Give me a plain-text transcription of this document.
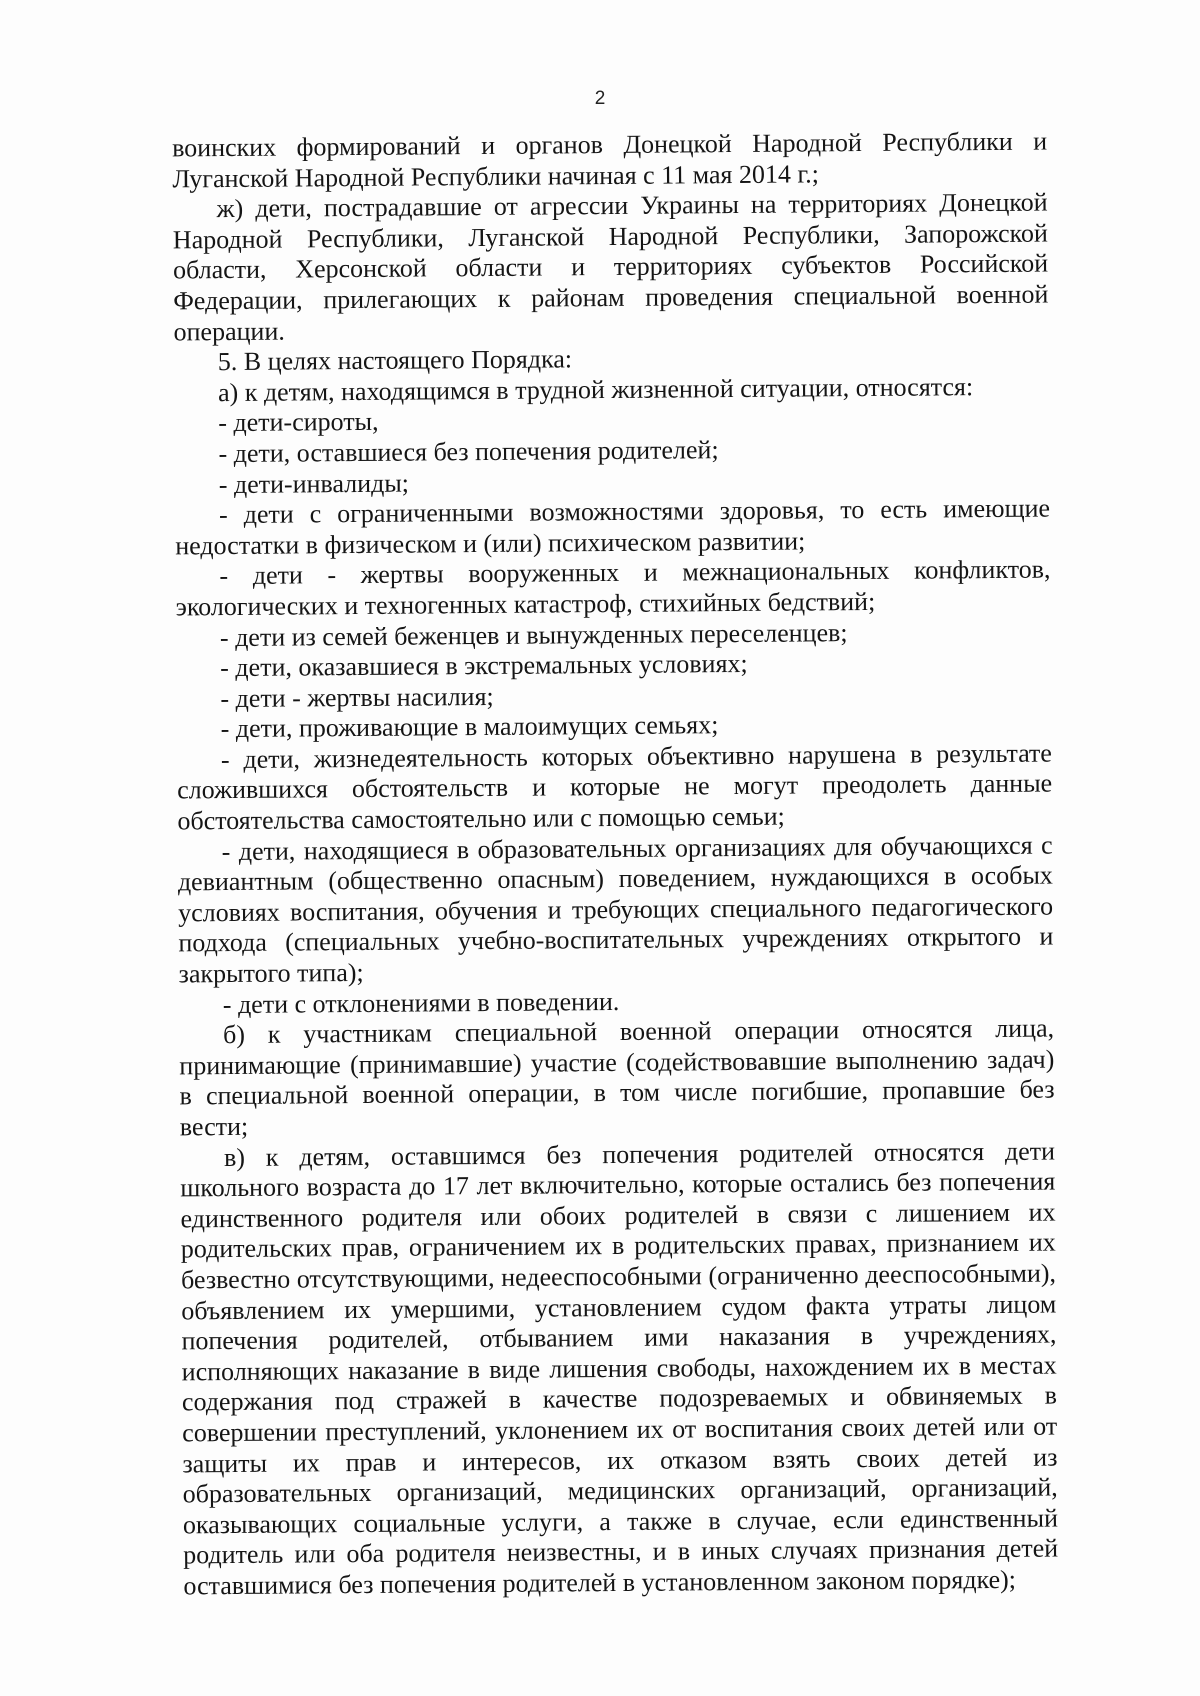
2

воинских формирований и органов Донецкой Народной Республики и Луганской Народной Республики начиная с 11 мая 2014 г.;

ж) дети, пострадавшие от агрессии Украины на территориях Донецкой Народной Республики, Луганской Народной Республики, Запорожской области, Херсонской области и территориях субъектов Российской Федерации, прилегающих к районам проведения специальной военной операции.

5. В целях настоящего Порядка:

а) к детям, находящимся в трудной жизненной ситуации, относятся:

- дети-сироты,

- дети, оставшиеся без попечения родителей;

- дети-инвалиды;

- дети с ограниченными возможностями здоровья, то есть имеющие недостатки в физическом и (или) психическом развитии;

- дети - жертвы вооруженных и межнациональных конфликтов, экологических и техногенных катастроф, стихийных бедствий;

- дети из семей беженцев и вынужденных переселенцев;

- дети, оказавшиеся в экстремальных условиях;

- дети - жертвы насилия;

- дети, проживающие в малоимущих семьях;

- дети, жизнедеятельность которых объективно нарушена в результате сложившихся обстоятельств и которые не могут преодолеть данные обстоятельства самостоятельно или с помощью семьи;

- дети, находящиеся в образовательных организациях для обучающихся с девиантным (общественно опасным) поведением, нуждающихся в особых условиях воспитания, обучения и требующих специального педагогического подхода (специальных учебно-воспитательных учреждениях открытого и закрытого типа);

- дети с отклонениями в поведении.

б) к участникам специальной военной операции относятся лица, принимающие (принимавшие) участие (содействовавшие выполнению задач) в специальной военной операции, в том числе погибшие, пропавшие без вести;

в) к детям, оставшимся без попечения родителей относятся дети школьного возраста до 17 лет включительно, которые остались без попечения единственного родителя или обоих родителей в связи с лишением их родительских прав, ограничением их в родительских правах, признанием их безвестно отсутствующими, недееспособными (ограниченно дееспособными), объявлением их умершими, установлением судом факта утраты лицом попечения родителей, отбыванием ими наказания в учреждениях, исполняющих наказание в виде лишения свободы, нахождением их в местах содержания под стражей в качестве подозреваемых и обвиняемых в совершении преступлений, уклонением их от воспитания своих детей или от защиты их прав и интересов, их отказом взять своих детей из образовательных организаций, медицинских организаций, организаций, оказывающих социальные услуги, а также в случае, если единственный родитель или оба родителя неизвестны, и в иных случаях признания детей оставшимися без попечения родителей в установленном законом порядке);
